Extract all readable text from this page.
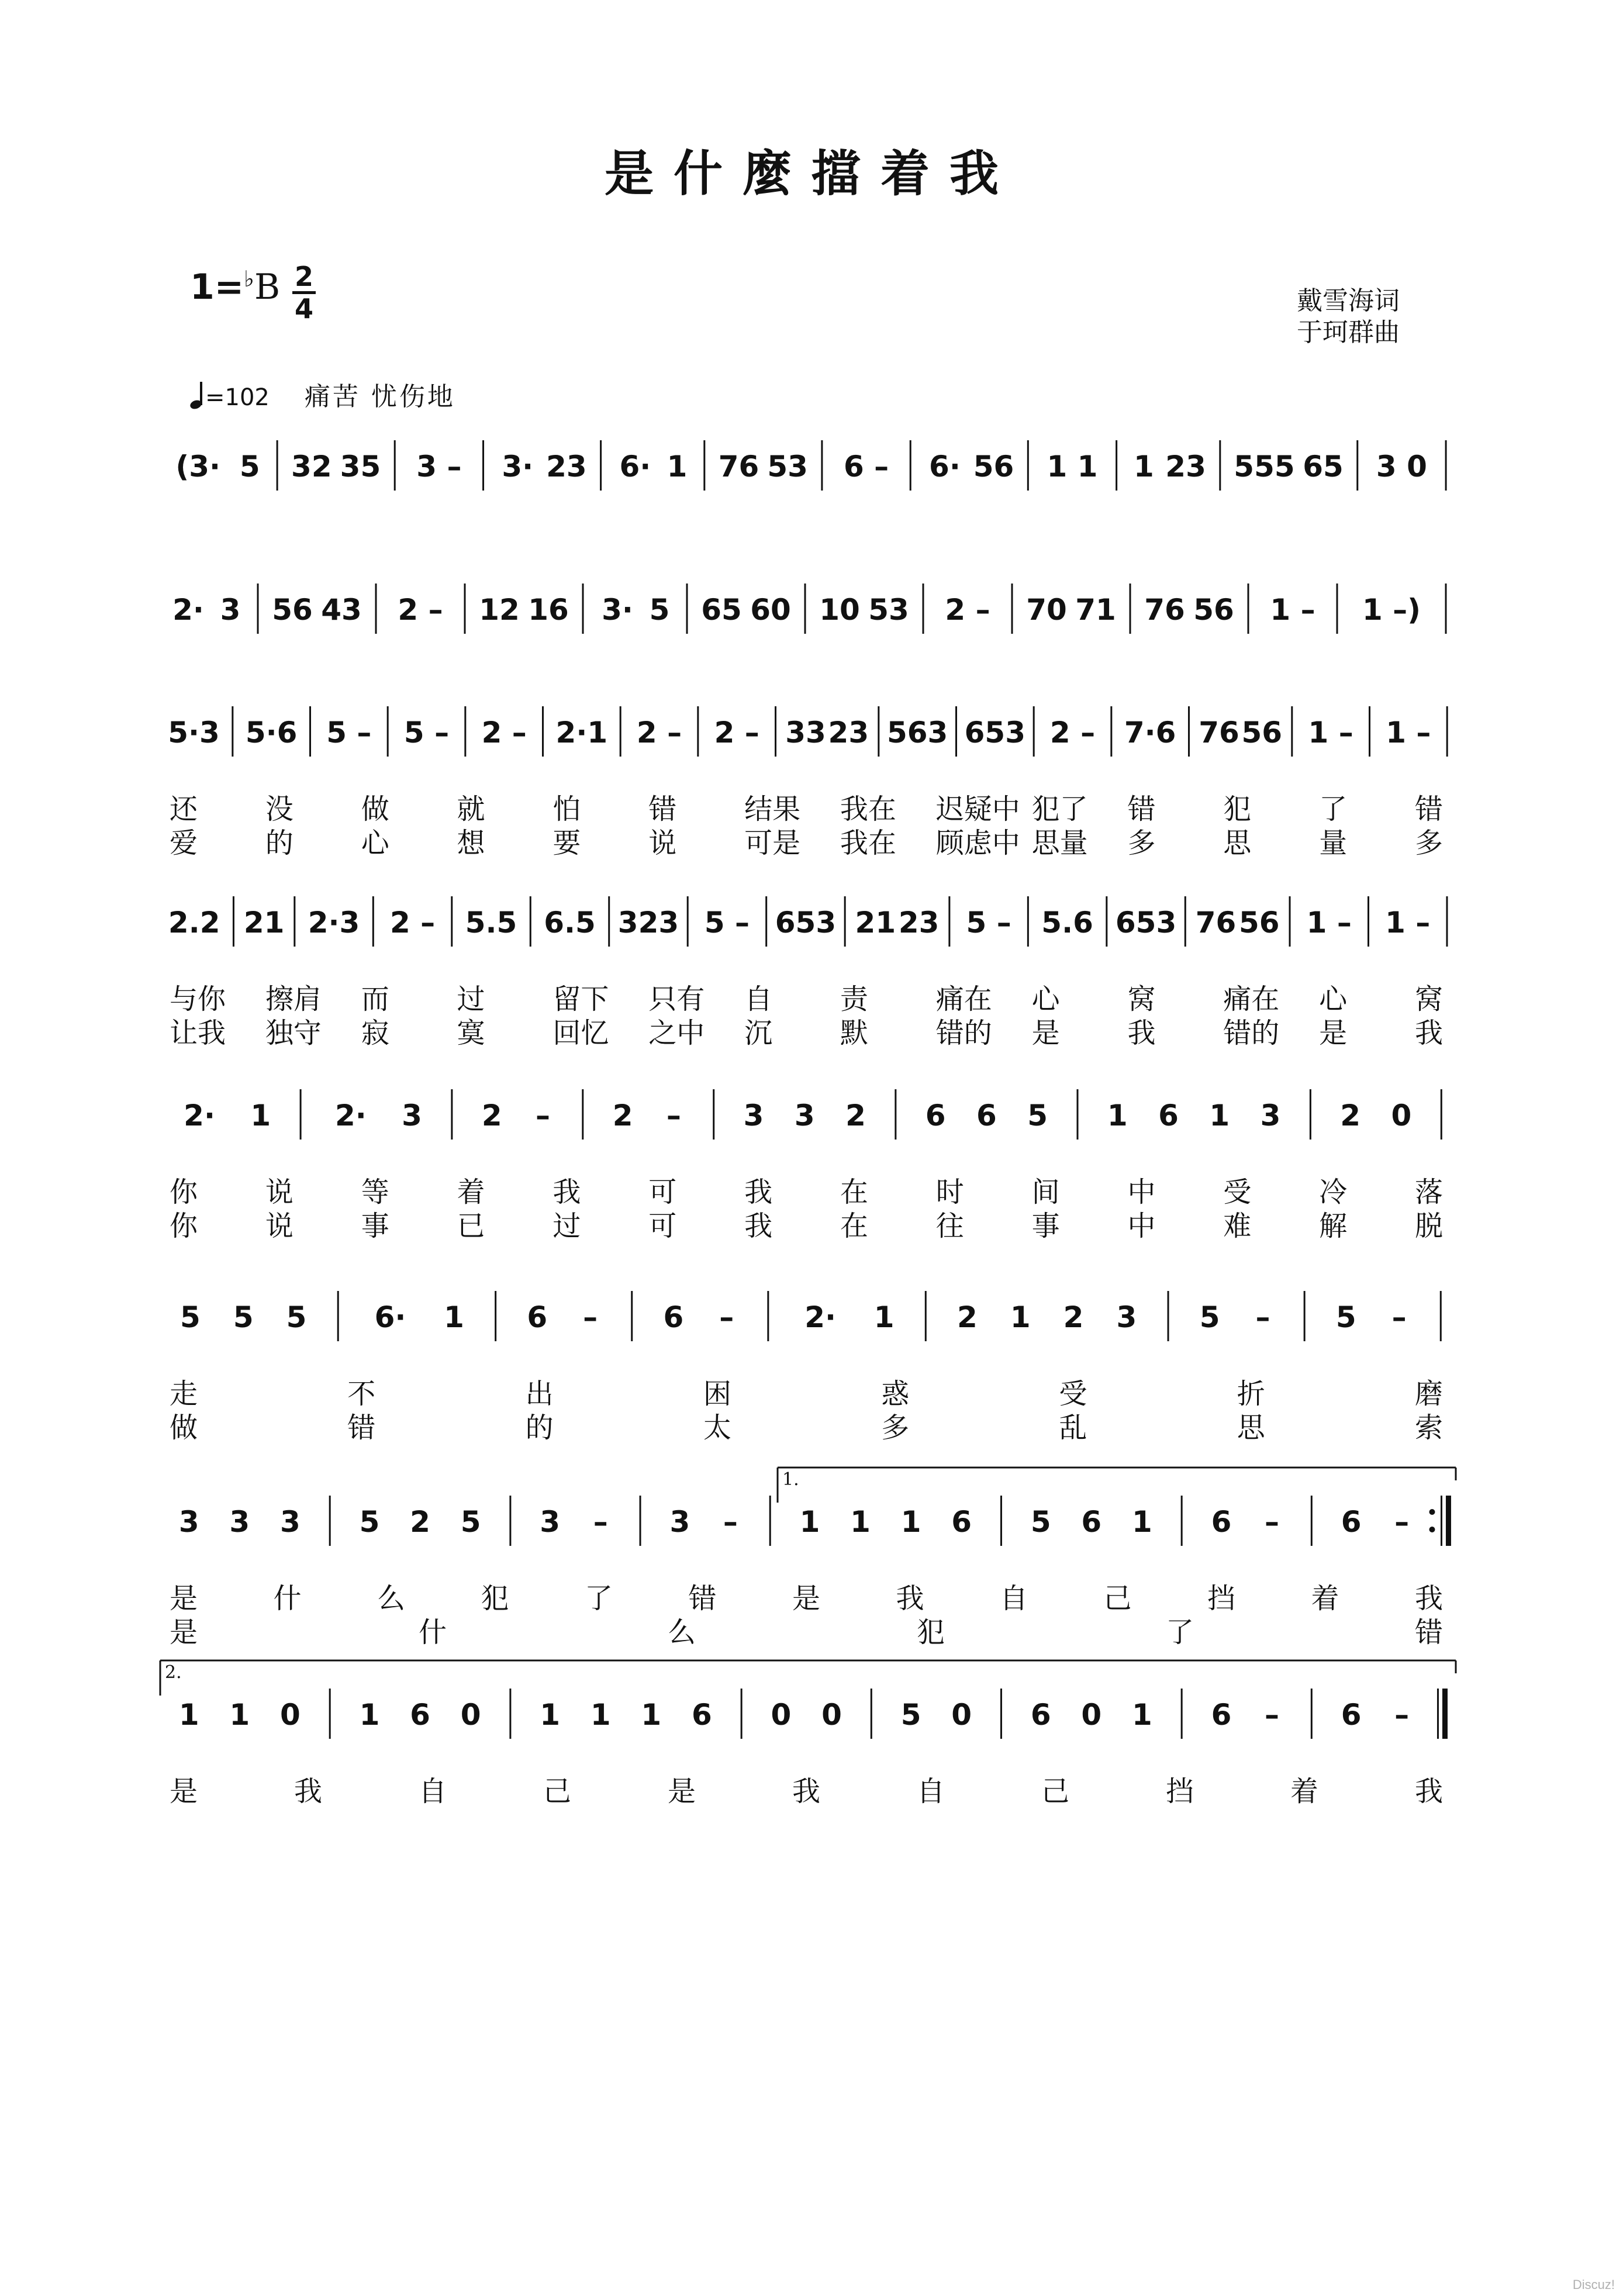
是什麼擋着我
1=♭B 2
4	戴雪海词
于珂群曲
=102 痛苦 忧伤地
(3· 5 32 35 3 – 3· 23 6· 1 76 53 6 – 6· 56 1 1 1 23 555 65 3 0
2· 3 56 43 2 – 12 16 3· 5 65 60 10 53 2 – 70 71 76 56 1 – 1 –)
5·3 5·6 5 – 5 – 2 – 2·1 2 – 2 – 33 23 563 653 2 – 7·6 76 56 1 – 1 –
还 没 做 就 怕 错 结果 我在 迟疑中 犯了 错 犯 了 错
爱 的 心 想 要 说 可是 我在 顾虑中 思量 多 思 量 多
2.2 21 2·3 2 – 5.5 6.5 323 5 – 653 21 23 5 – 5.6 653 76 56 1 – 1 –
与你 擦肩 而 过 留下 只有 自 责 痛在 心 窝 痛在 心 窝
让我 独守 寂 寞 回忆 之中 沉 默 错的 是 我 错的 是 我
2· 1 2· 3 2 – 2 – 3 3 2 6 6 5 1 6 1 3 2 0
你 说 等 着 我 可 我 在 时 间 中 受 冷 落
你 说 事 已 过 可 我 在 往 事 中 难 解 脱
5 5 5 6· 1 6 – 6 – 2· 1 2 1 2 3 5 – 5 –
走	不	出	困	惑	受	折	磨
做	错	的	太	多	乱	思	索
3 3 3 5 2 5 3 – 3 – 1 1 1 6 5 6 1 6 – 6 –
1.
是	什	么	犯	了	错	是	我	自	己	挡	着	我
是	什	么	犯	了	错
1 1 0 1 6 0 1 1 1 6 0 0 5 0 6 0 1 6 – 6 –
2.
是	我	自	己	是	我	自	己	挡	着	我
Discuz!
